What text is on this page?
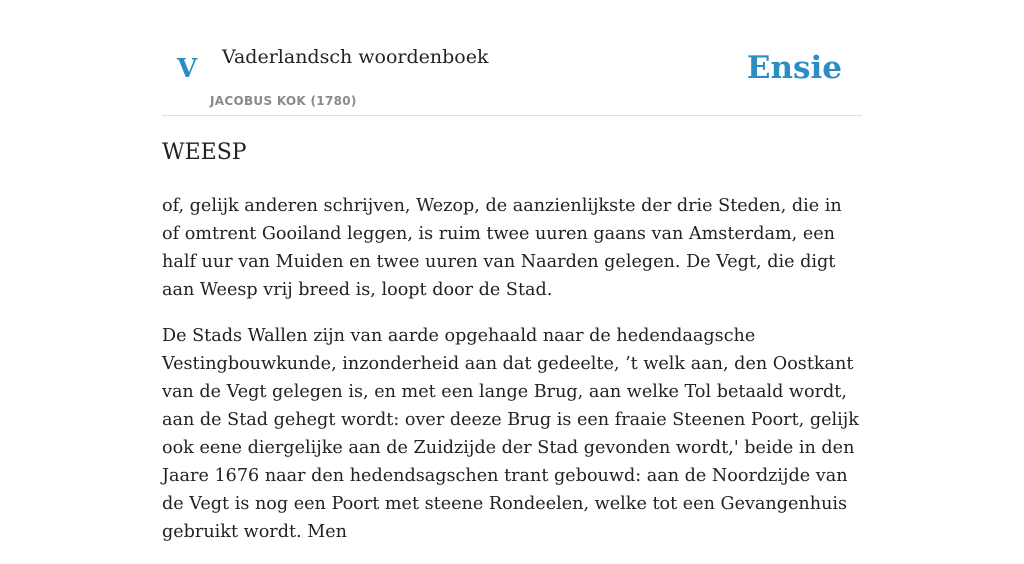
V Vaderlandsch woordenboek
JACOBUS KOK (1780)
Ensie
WEESP

of, gelijk anderen schrijven, Wezop, de aanzienlijkste der drie Steden, die in of omtrent Gooiland leggen, is ruim twee uuren gaans van Amsterdam, een half uur van Muiden en twee uuren van Naarden gelegen. De Vegt, die digt aan Weesp vrij breed is, loopt door de Stad.

De Stads Wallen zijn van aarde opgehaald naar de hedendaagsche Vestingbouwkunde, inzonderheid aan dat gedeelte, ’t welk aan, den Oostkant van de Vegt gelegen is, en met een lange Brug, aan welke Tol betaald wordt, aan de Stad gehegt wordt: over deeze Brug is een fraaie Steenen Poort, gelijk ook eene diergelijke aan de Zuidzijde der Stad gevonden wordt,' beide in den Jaare 1676 naar den hedendsagschen trant gebouwd: aan de Noordzijde van de Vegt is nog een Poort met steene Rondeelen, welke tot een Gevangenhuis gebruikt wordt. Men
